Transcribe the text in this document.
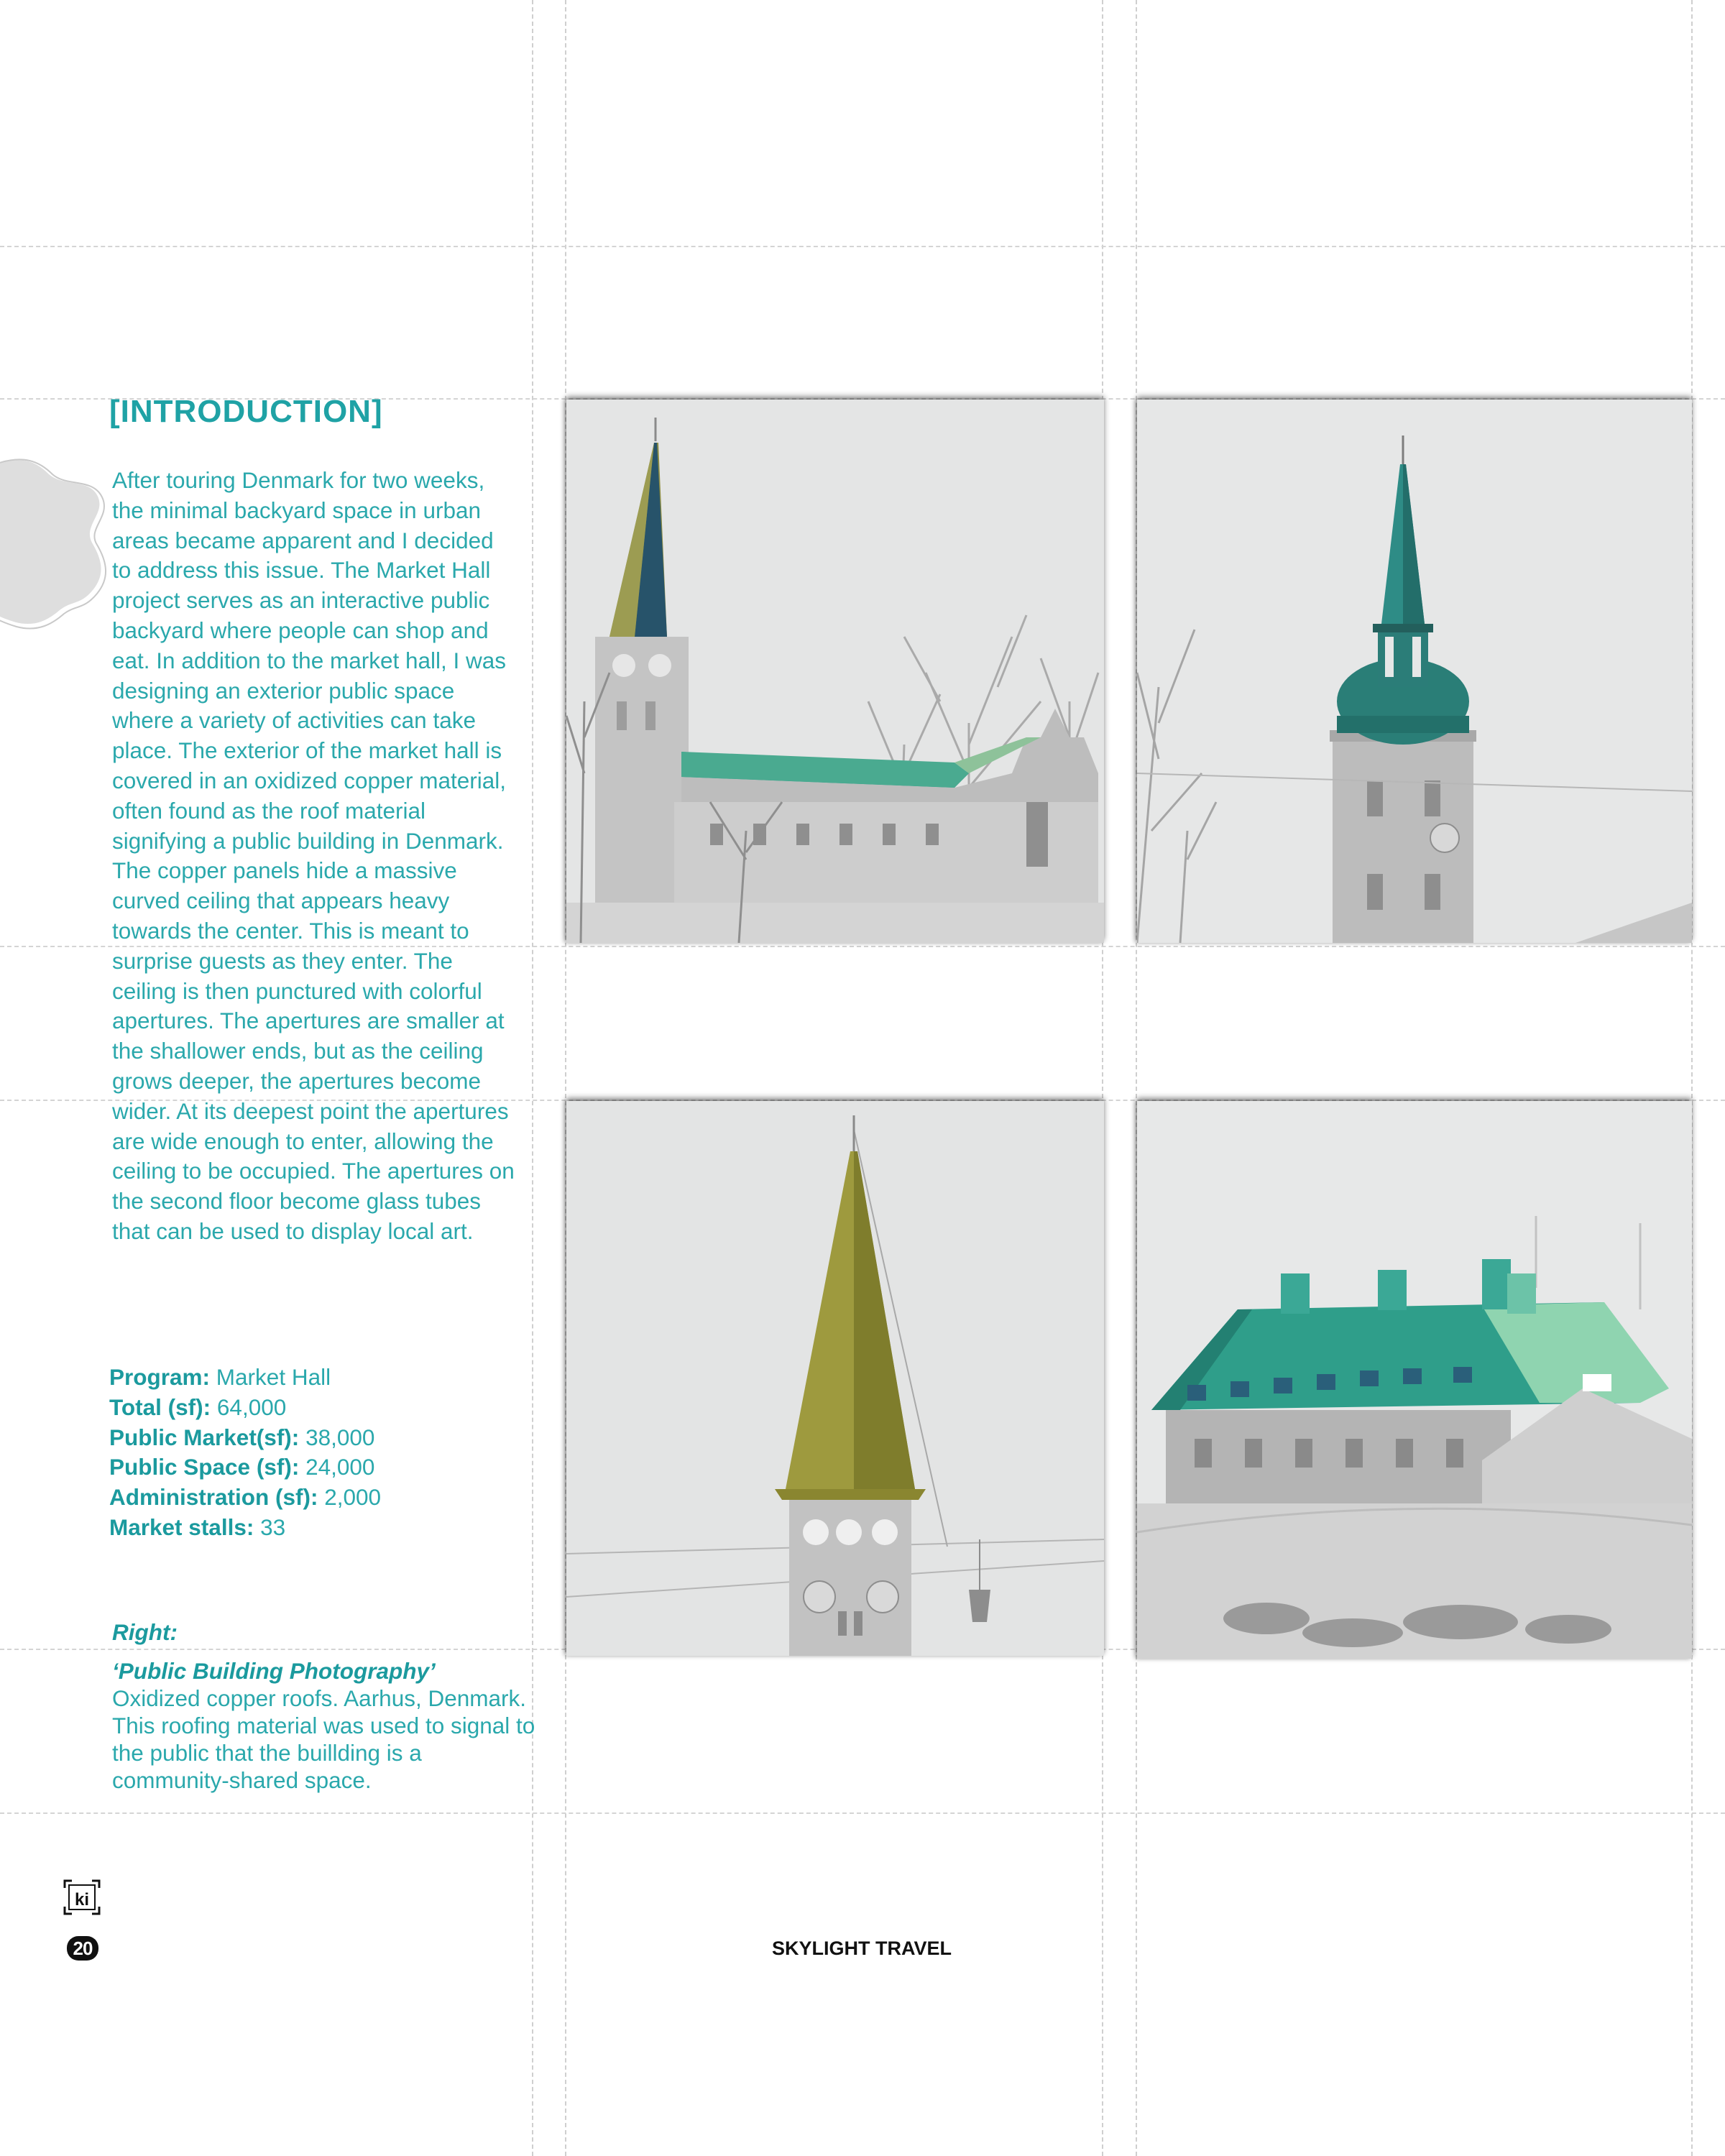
[INTRODUCTION]

After touring Denmark for two weeks, the minimal backyard space in urban areas became apparent and I decided to address this issue. The Market Hall project serves as an interactive public backyard where people can shop and eat. In addition to the market hall, I was designing an exterior public space where a variety of activities can take place. The exterior of the market hall is covered in an oxidized copper material, often found as the roof material signifying a public building in Denmark. The copper panels hide a massive curved ceiling that appears heavy towards the center. This is meant to surprise guests as they enter. The ceiling is then punctured with colorful apertures. The apertures are smaller at the shallower ends, but as the ceiling grows deeper, the apertures become wider. At its deepest point the apertures are wide enough to enter, allowing the ceiling to be occupied. The apertures on the second floor become glass tubes that can be used to display local art.

Program: Market Hall
Total (sf): 64,000
Public Market(sf): 38,000
Public Space (sf): 24,000
Administration (sf): 2,000
Market stalls: 33

Right:

‘Public Building Photography’

Oxidized copper roofs. Aarhus, Denmark. This roofing material was used to signal to the public that the buillding is a community-shared space.

ki
20	SKYLIGHT TRAVEL
